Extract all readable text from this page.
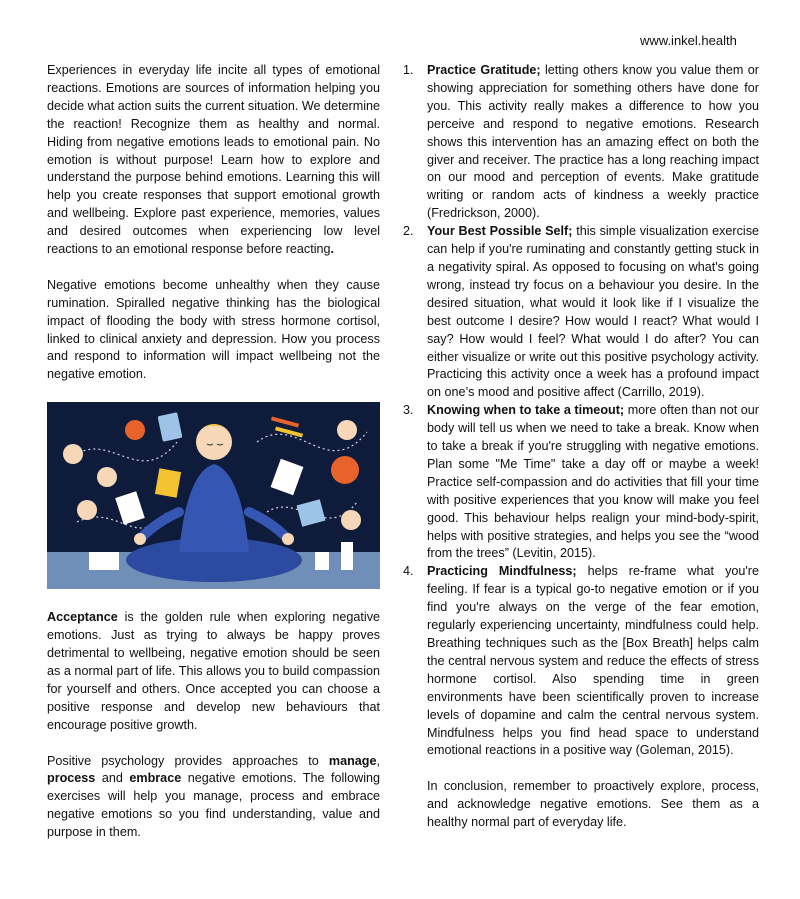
www.inkel.health

Experiences in everyday life incite all types of emotional reactions. Emotions are sources of information helping you decide what action suits the current situation. We determine the reaction! Recognize them as healthy and normal. Hiding from negative emotions leads to emotional pain. No emotion is without purpose! Learn how to explore and understand the purpose behind emotions. Learning this will help you create responses that support emotional growth and wellbeing. Explore past experience, memories, values and desired outcomes when experiencing low level reactions to an emotional response before reacting.

Negative emotions become unhealthy when they cause rumination. Spiralled negative thinking has the biological impact of flooding the body with stress hormone cortisol, linked to clinical anxiety and depression. How you process and respond to information will impact wellbeing not the negative emotion.

Acceptance is the golden rule when exploring negative emotions. Just as trying to always be happy proves detrimental to wellbeing, negative emotion should be seen as a normal part of life. This allows you to build compassion for yourself and others. Once accepted you can choose a positive response and develop new behaviours that encourage positive growth.

Positive psychology provides approaches to manage, process and embrace negative emotions. The following exercises will help you manage, process and embrace negative emotions so you find understanding, value and purpose in them.

1. Practice Gratitude; letting others know you value them or showing appreciation for something others have done for you. This activity really makes a difference to how you perceive and respond to negative emotions. Research shows this intervention has an amazing effect on both the giver and receiver. The practice has a long reaching impact on our mood and perception of events. Make gratitude writing or random acts of kindness a weekly practice (Fredrickson, 2000).
2. Your Best Possible Self; this simple visualization exercise can help if you're ruminating and constantly getting stuck in a negativity spiral. As opposed to focusing on what's going wrong, instead try focus on a behaviour you desire. In the desired situation, what would it look like if I visualize the best outcome I desire? How would I react? What would I say? How would I feel? What would I do after? You can either visualize or write out this positive psychology activity. Practicing this activity once a week has a profound impact on one’s mood and positive affect (Carrillo, 2019).
3. Knowing when to take a timeout; more often than not our body will tell us when we need to take a break. Know when to take a break if you're struggling with negative emotions. Plan some "Me Time" take a day off or maybe a week! Practice self-compassion and do activities that fill your time with positive experiences that you know will make you feel good. This behaviour helps realign your mind-body-spirit, helps with positive strategies, and helps you see the “wood from the trees” (Levitin, 2015).
4. Practicing Mindfulness; helps re-frame what you're feeling. If fear is a typical go-to negative emotion or if you find you're always on the verge of the fear emotion, regularly experiencing uncertainty, mindfulness could help. Breathing techniques such as the [Box Breath] helps calm the central nervous system and reduce the effects of stress hormone cortisol. Also spending time in green environments have been scientifically proven to increase levels of dopamine and calm the central nervous system. Mindfulness helps you find head space to understand emotional reactions in a positive way (Goleman, 2015).

In conclusion, remember to proactively explore, process, and acknowledge negative emotions. See them as a healthy normal part of everyday life.
